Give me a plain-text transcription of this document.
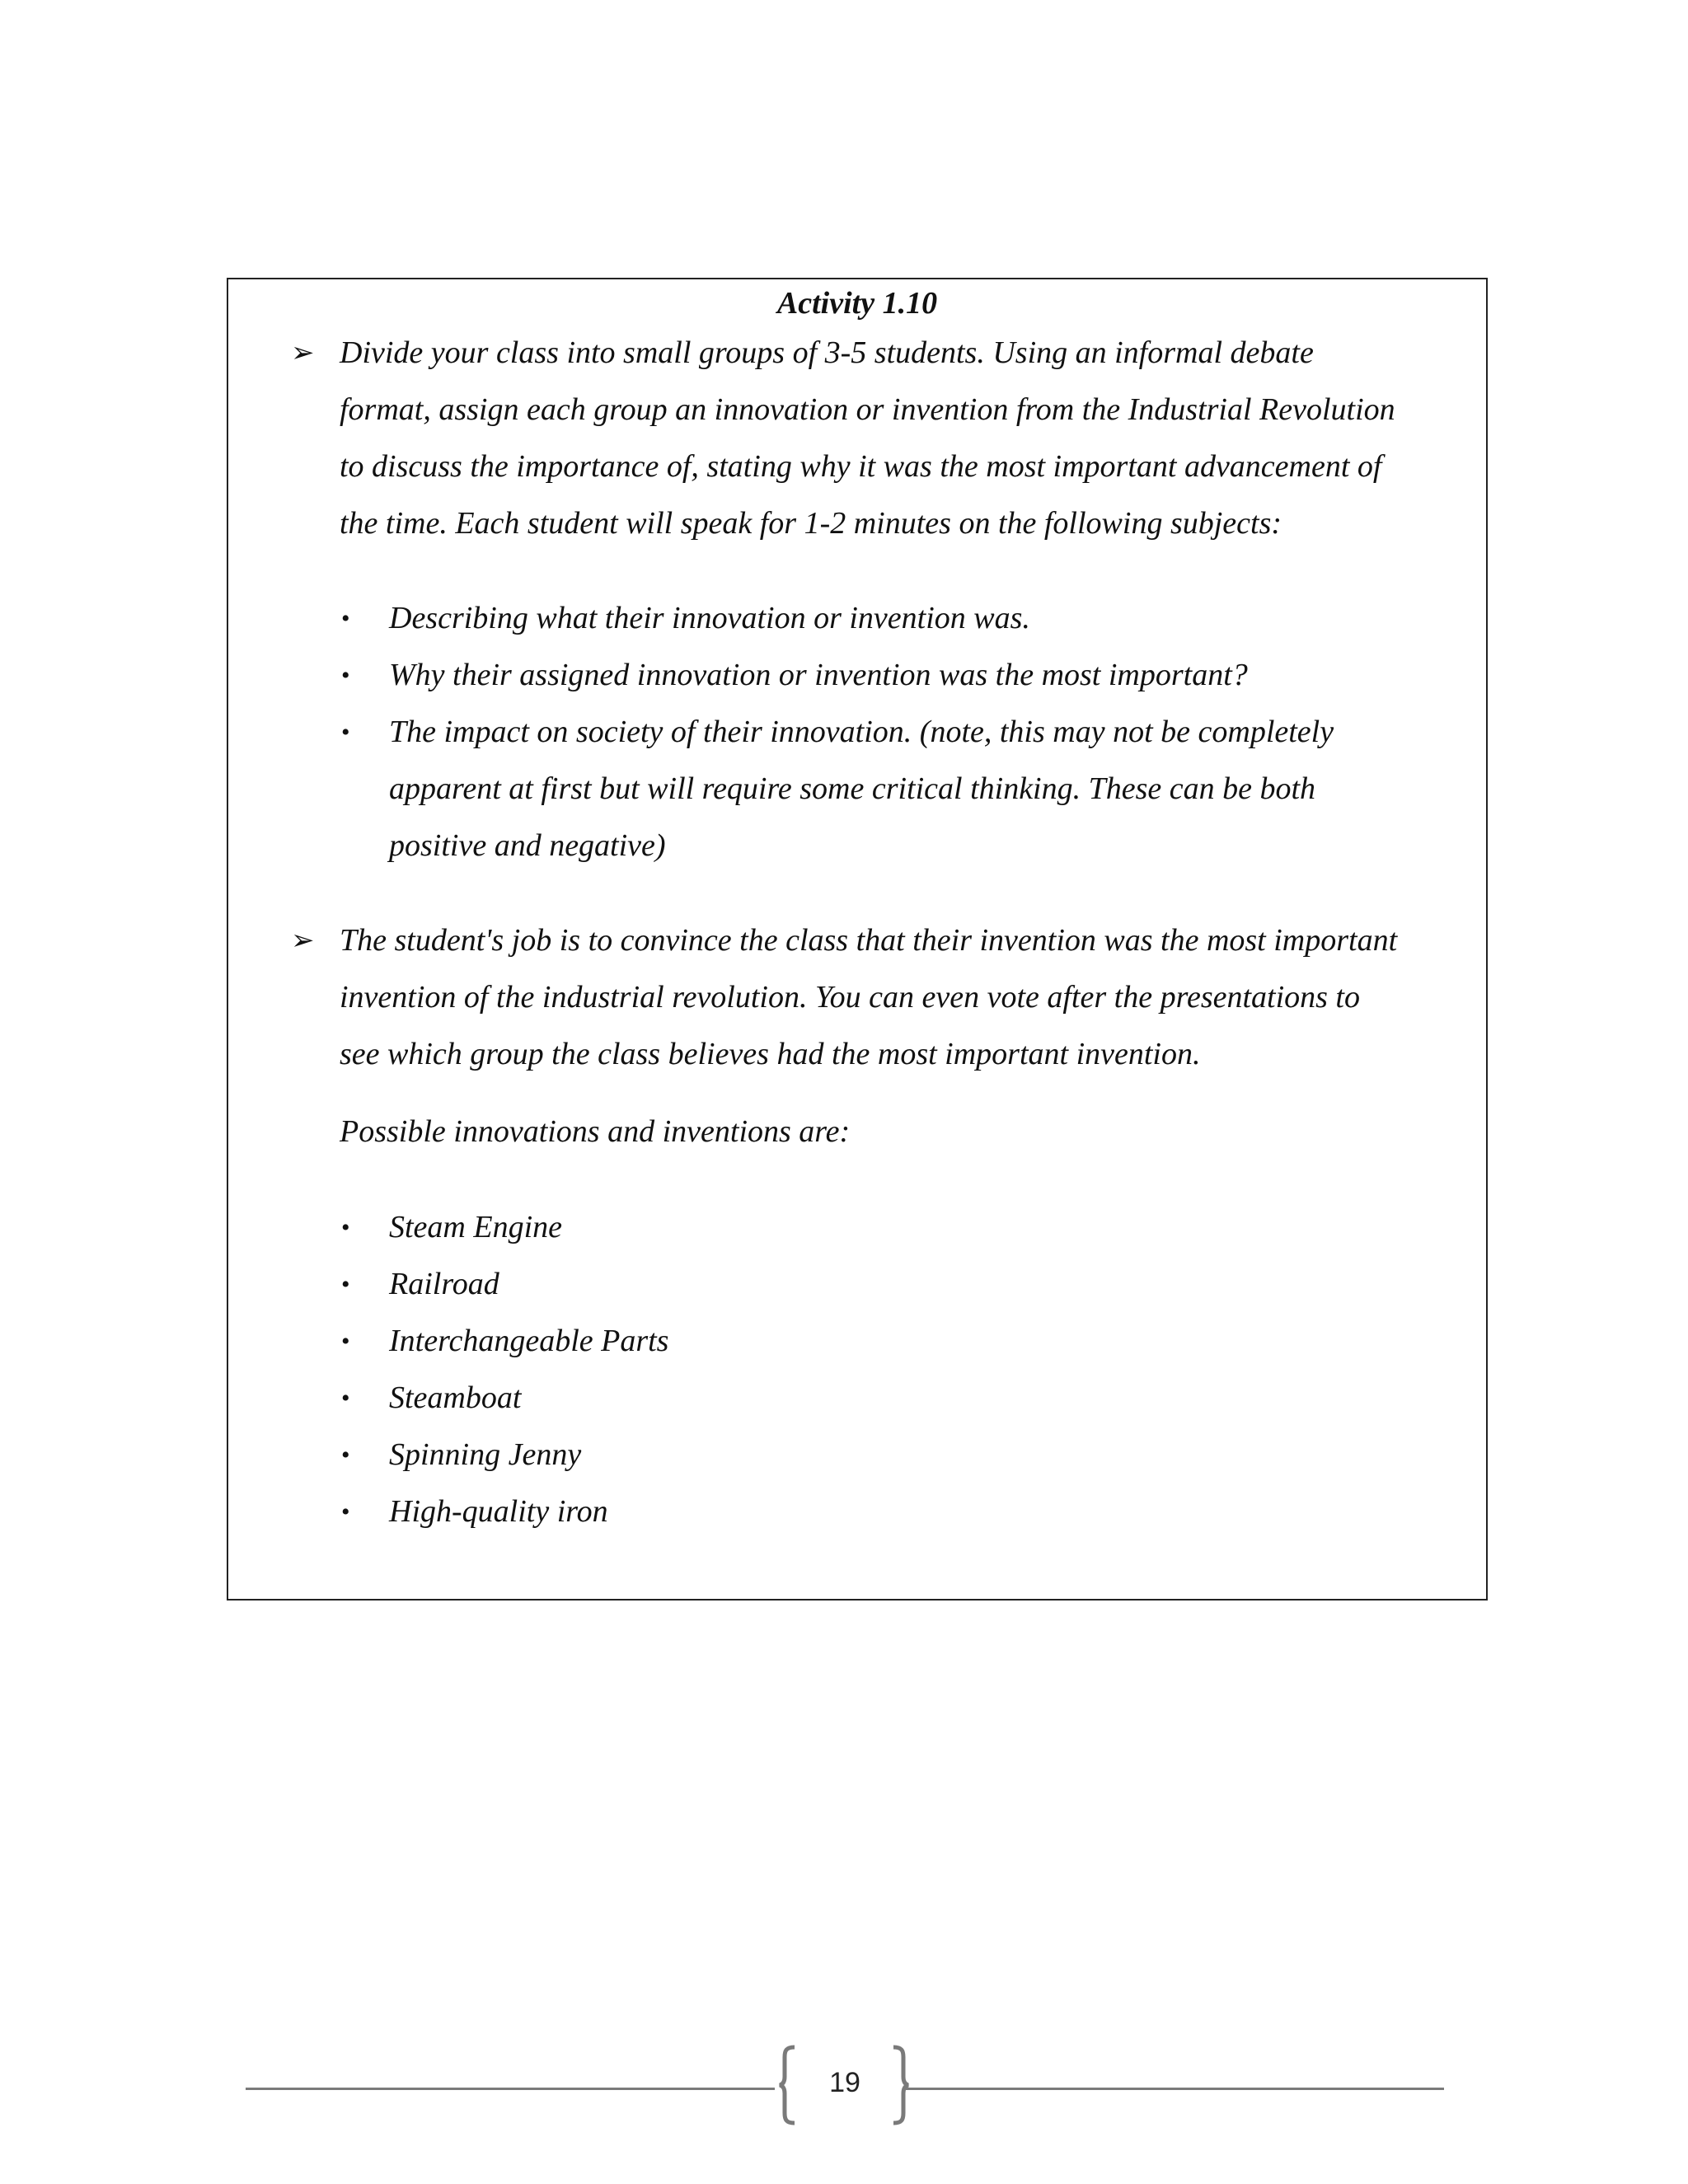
Activity 1.10
➢ Divide your class into small groups of 3-5 students. Using an informal debate
format, assign each group an innovation or invention from the Industrial Revolution
to discuss the importance of, stating why it was the most important advancement of
the time. Each student will speak for 1-2 minutes on the following subjects:
• Describing what their innovation or invention was.
• Why their assigned innovation or invention was the most important?
• The impact on society of their innovation. (note, this may not be completely
apparent at first but will require some critical thinking. These can be both
positive and negative)
➢ The student's job is to convince the class that their invention was the most important
invention of the industrial revolution. You can even vote after the presentations to
see which group the class believes had the most important invention.
Possible innovations and inventions are:
• Steam Engine
• Railroad
• Interchangeable Parts
• Steamboat
• Spinning Jenny
• High-quality iron
19
